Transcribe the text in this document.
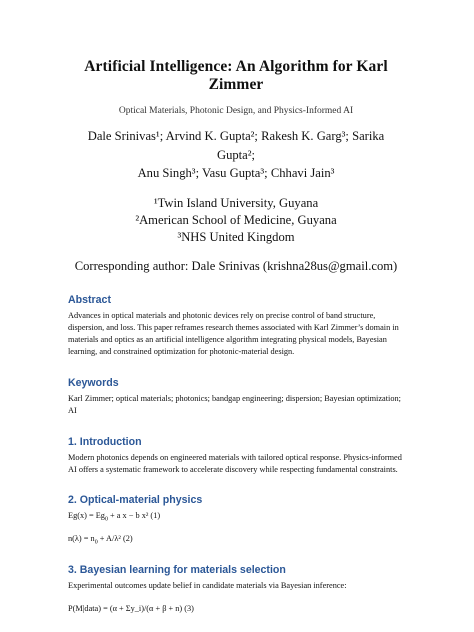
Artificial Intelligence: An Algorithm for Karl Zimmer
Optical Materials, Photonic Design, and Physics-Informed AI
Dale Srinivas¹; Arvind K. Gupta²; Rakesh K. Garg³; Sarika Gupta²;
Anu Singh³; Vasu Gupta³; Chhavi Jain³
¹Twin Island University, Guyana
²American School of Medicine, Guyana
³NHS United Kingdom
Corresponding author: Dale Srinivas (krishna28us@gmail.com)
Abstract

Advances in optical materials and photonic devices rely on precise control of band structure, dispersion, and loss. This paper reframes research themes associated with Karl Zimmer’s domain in materials and optics as an artificial intelligence algorithm integrating physical models, Bayesian learning, and constrained optimization for photonic-material design.

Keywords

Karl Zimmer; optical materials; photonics; bandgap engineering; dispersion; Bayesian optimization; AI

1. Introduction

Modern photonics depends on engineered materials with tailored optical response. Physics-informed AI offers a systematic framework to accelerate discovery while respecting fundamental constraints.

2. Optical-material physics
$Eg(x) = Eg_0 + a$ x − b x² (1)
$n(\lambda) = n_0 + A/\lambda^2$ (2)
3. Bayesian learning for materials selection

Experimental outcomes update belief in candidate materials via Bayesian inference:

P(M|data) = (α + Σy_i)/(α + β + n) (3)
